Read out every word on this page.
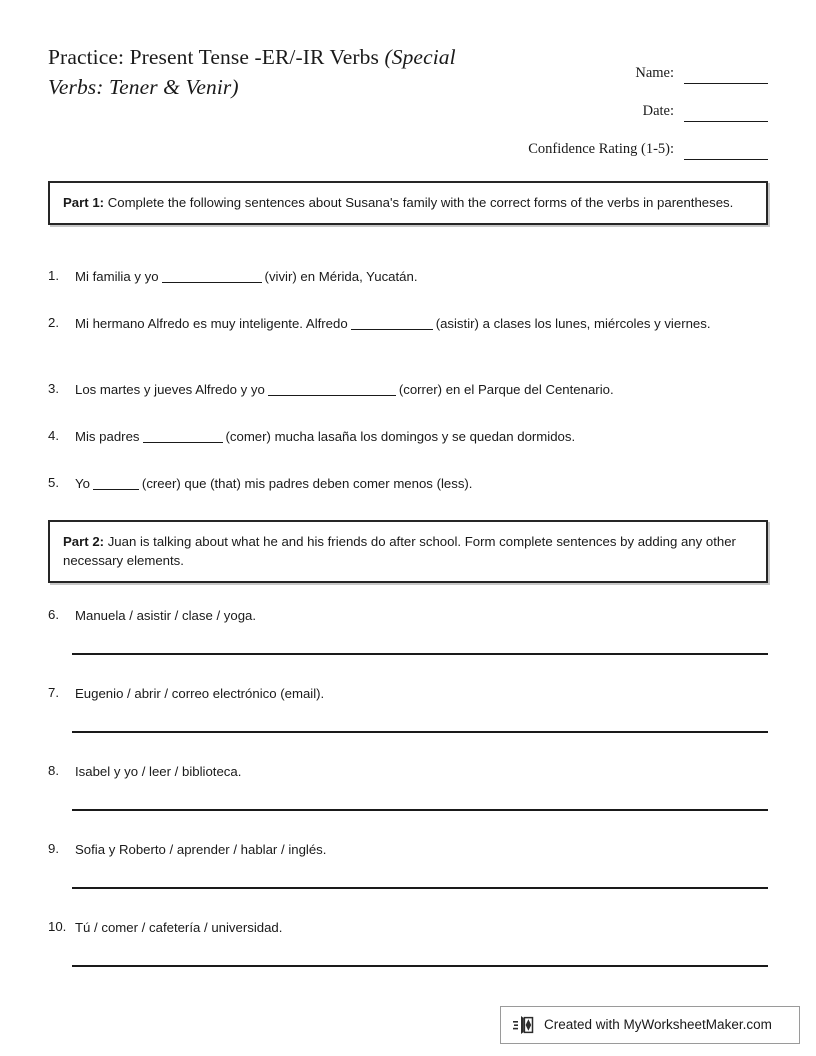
Practice: Present Tense -ER/-IR Verbs (Special Verbs: Tener & Venir)
Name:
Date:
Confidence Rating (1-5):
Part 1: Complete the following sentences about Susana's family with the correct forms of the verbs in parentheses.
1.	Mi familia y yo	(vivir) en Mérida, Yucatán.
2.	Mi hermano Alfredo es muy inteligente. Alfredo	(asistir) a clases los lunes, miércoles y viernes.
3.	Los martes y jueves Alfredo y yo	(correr) en el Parque del Centenario.
4.	Mis padres	(comer) mucha lasaña los domingos y se quedan dormidos.
5.	Yo	(creer) que (that) mis padres deben comer menos (less).
Part 2: Juan is talking about what he and his friends do after school. Form complete sentences by adding any other necessary elements.
6.	Manuela / asistir / clase / yoga.
7.	Eugenio / abrir / correo electrónico (email).
8.	Isabel y yo / leer / biblioteca.
9.	Sofia y Roberto / aprender / hablar / inglés.
10. Tú / comer / cafetería / universidad.
Created with MyWorksheetMaker.com
